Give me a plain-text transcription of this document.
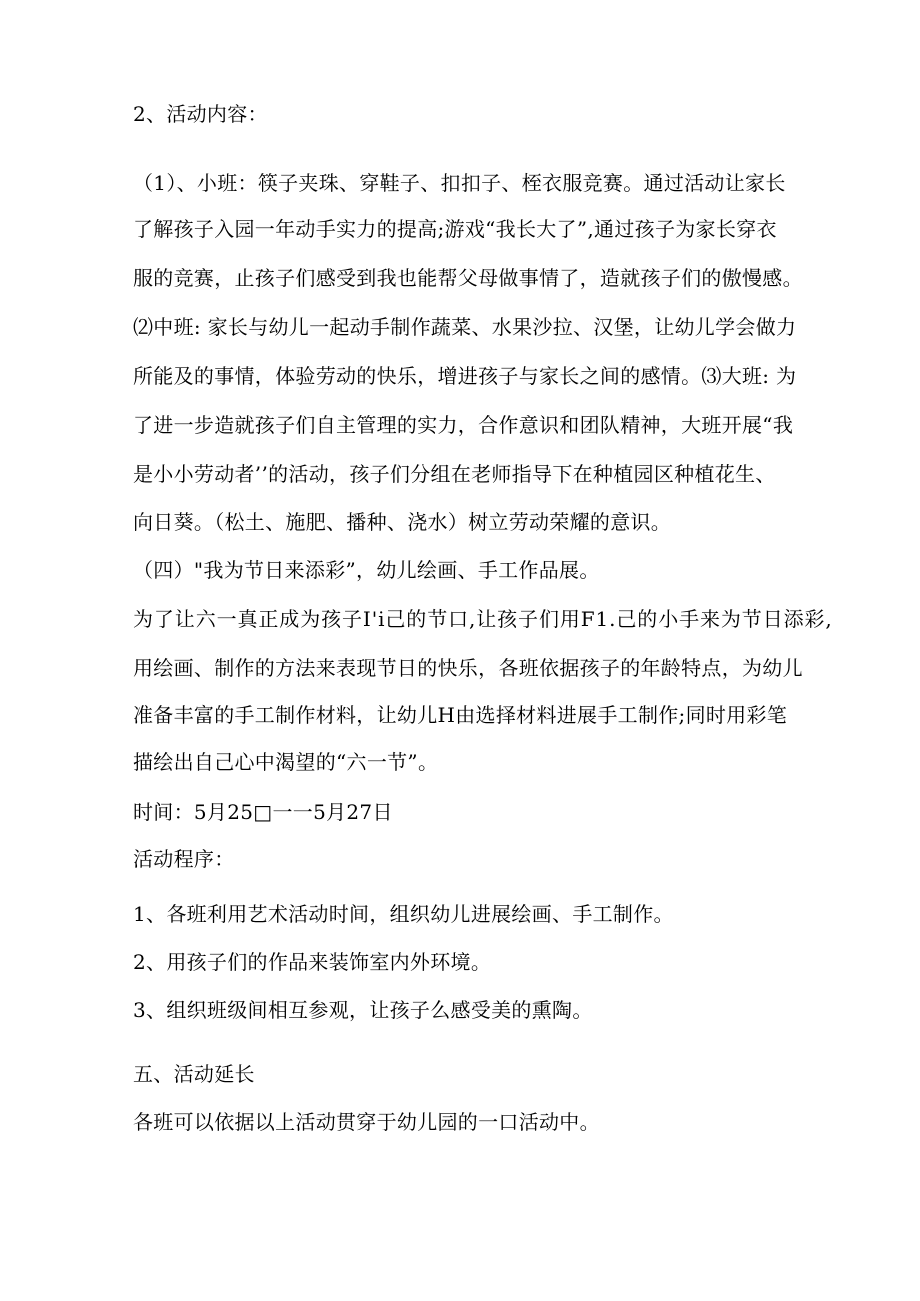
2、活动内容：
（1）、小班：筷子夹珠、穿鞋子、扣扣子、桎衣服竞赛。通过活动让家长
了解孩子入园一年动手实力的提高;游戏“我长大了”,通过孩子为家长穿衣
服的竞赛，止孩子们感受到我也能帮父母做事情了，造就孩子们的傲慢感。
⑵中班: 家长与幼儿一起动手制作蔬菜、水果沙拉、汉堡，让幼儿学会做力
所能及的事情，体验劳动的快乐，增进孩子与家长之间的感情。⑶大班: 为
了进一步造就孩子们自主管理的实力，合作意识和团队精神，大班开展“我
是小小劳动者’’的活动，孩子们分组在老师指导下在种植园区种植花生、
向日葵。（松土、施肥、播种、浇水）树立劳动荣耀的意识。
（四）"我为节日来添彩”，幼儿绘画、手工作品展。
为了让六一真正成为孩子I'i己的节口,让孩子们用F1.己的小手来为节日添彩,
用绘画、制作的方法来表现节日的快乐，各班依据孩子的年龄特点，为幼儿
准备丰富的手工制作材料，让幼儿H由选择材料进展手工制作;同时用彩笔
描绘出自己心中渴望的“六一节”。
时间：5月25□一一5月27日
活动程序：
1、各班利用艺术活动时间，组织幼儿进展绘画、手工制作。
2、用孩子们的作品来装饰室内外环境。
3、组织班级间相互参观，让孩子么感受美的熏陶。
五、活动延长
各班可以依据以上活动贯穿于幼儿园的一口活动中。
